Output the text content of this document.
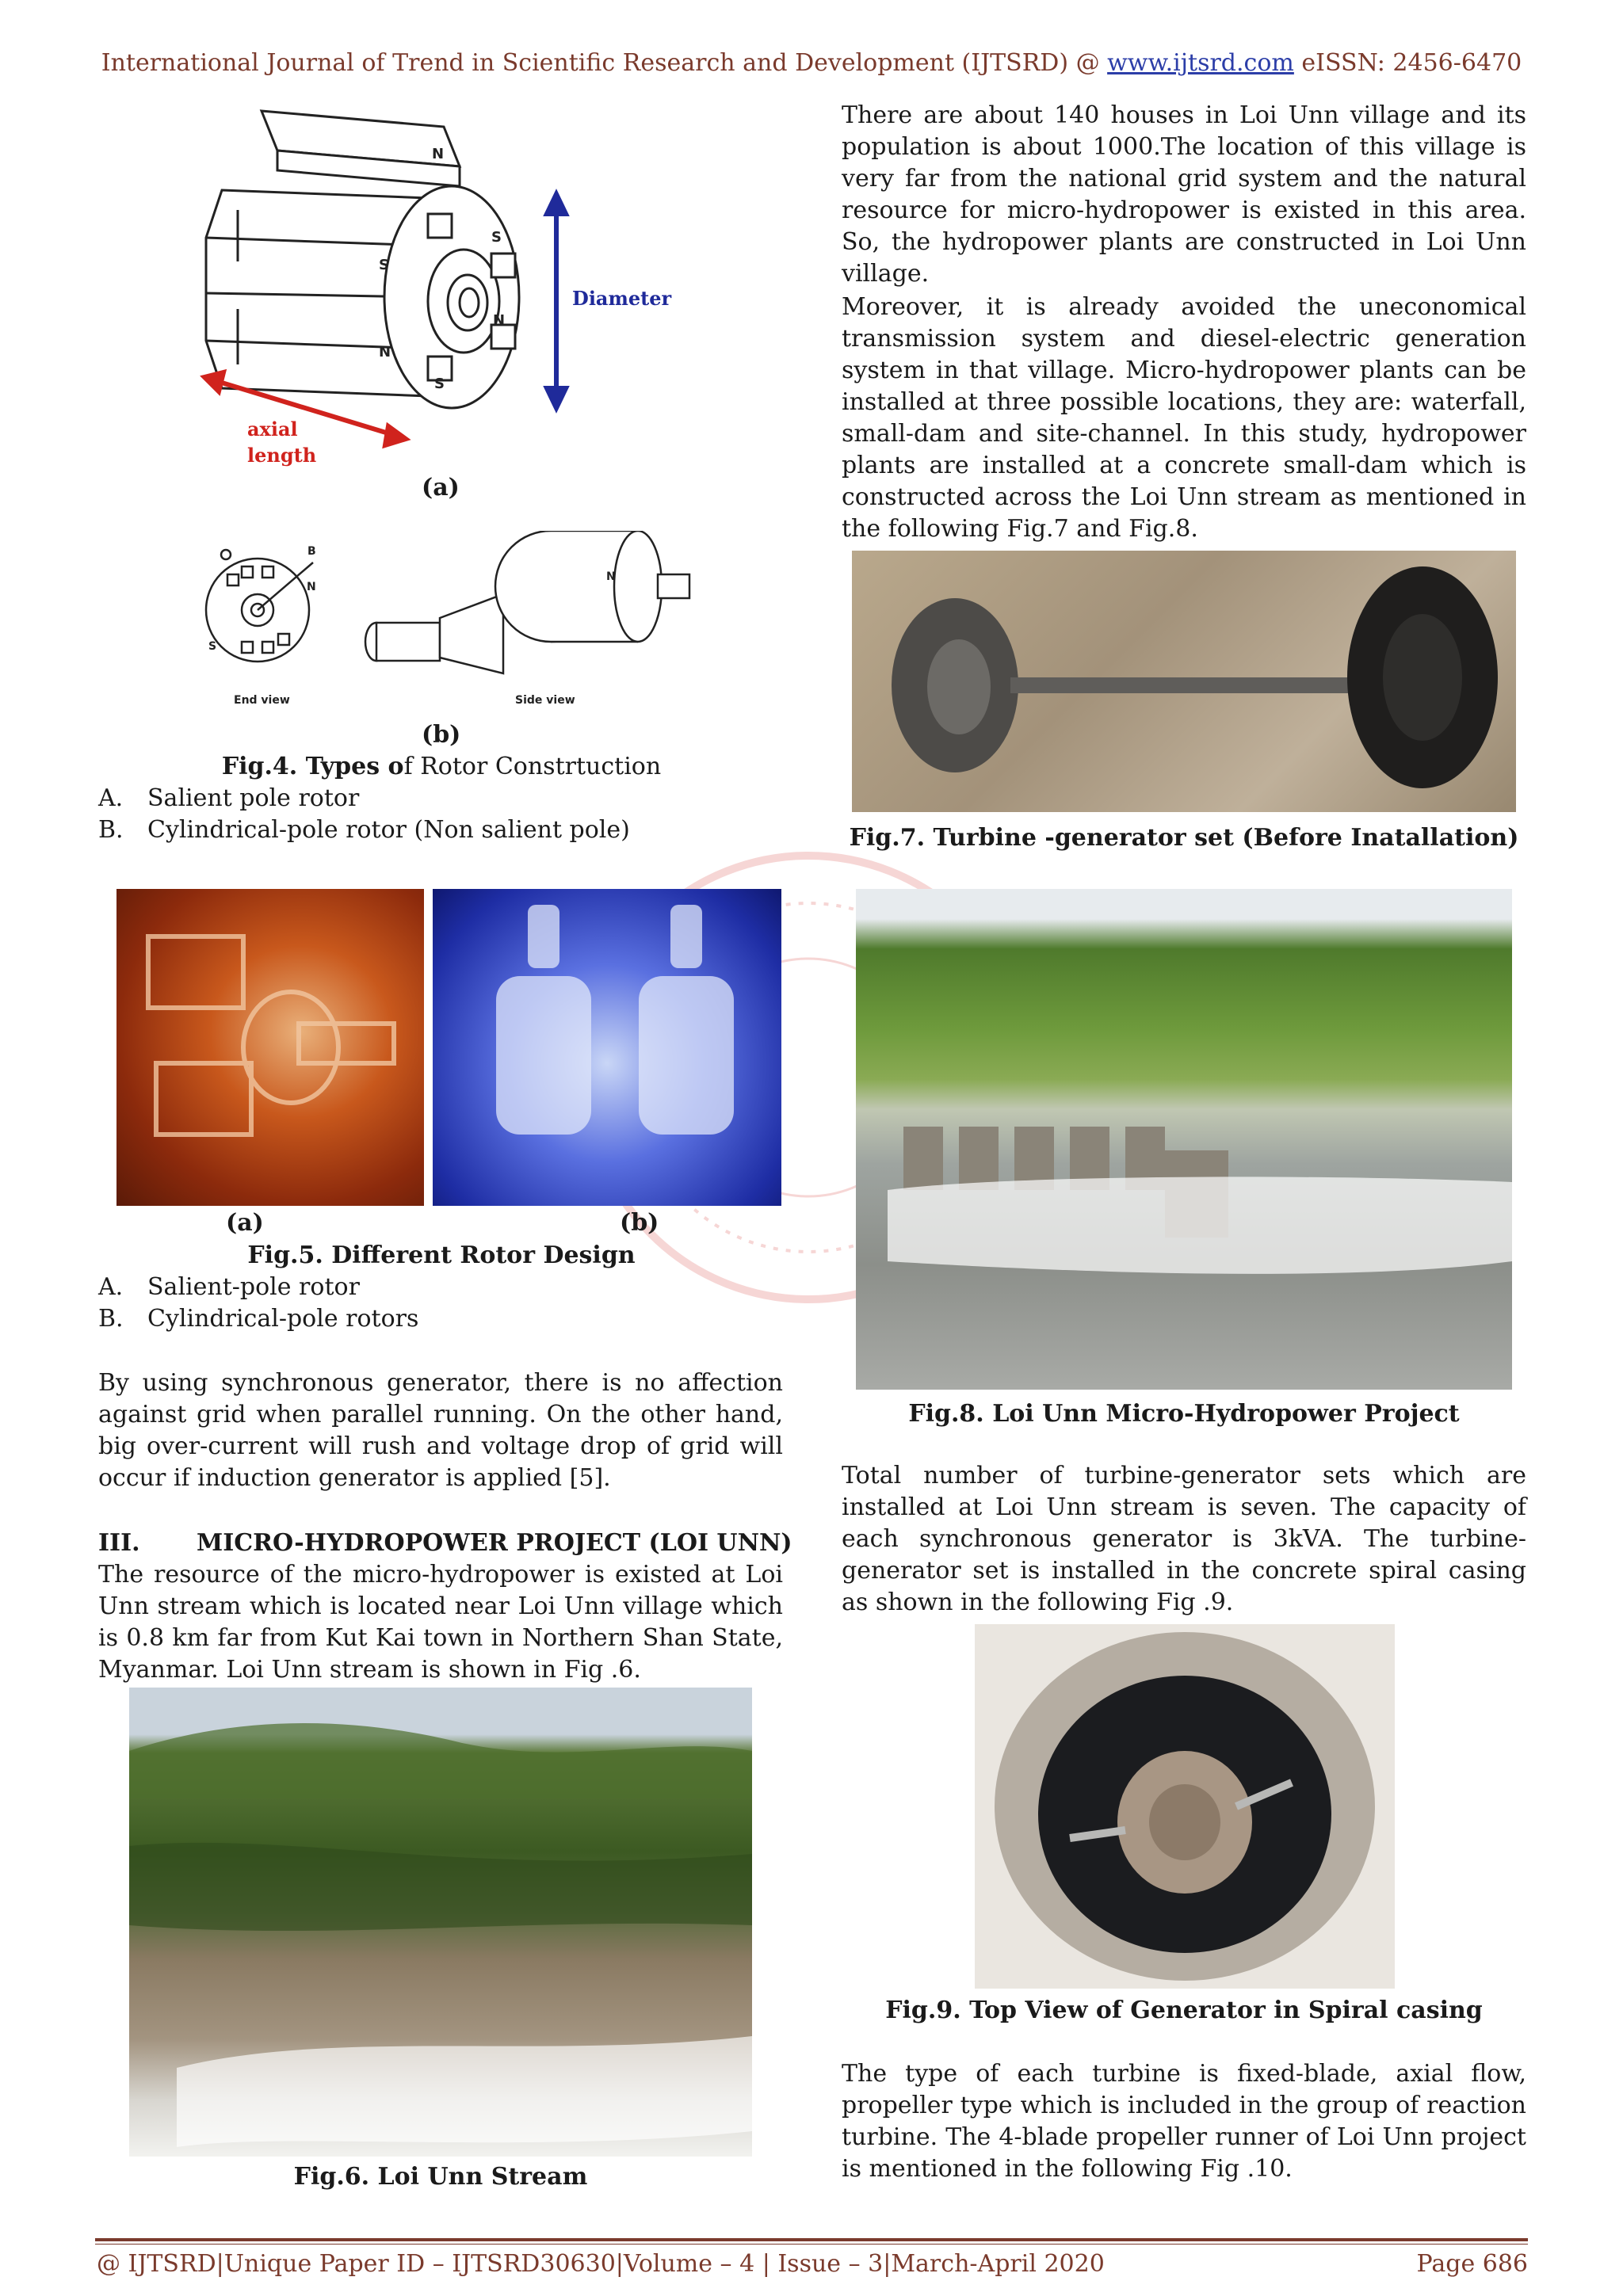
International Journal of Trend in Scientific Research and Development (IJTSRD) @ www.ijtsrd.com eISSN: 2456-6470
N
S
S
N
N
S
Diameter
axial
length
(a)
B
N
S
N
End view	Side view
(b)
Fig.4. Types of Rotor Constrtuction
A. Salient pole rotor
B. Cylindrical-pole rotor (Non salient pole)
(a)	(b)
Fig.5. Different Rotor Design
A. Salient-pole rotor
B. Cylindrical-pole rotors
By using synchronous generator, there is no affection against grid when parallel running. On the other hand, big over-current will rush and voltage drop of grid will occur if induction generator is applied [5].
III. MICRO-HYDROPOWER PROJECT (LOI UNN)
The resource of the micro-hydropower is existed at Loi Unn stream which is located near Loi Unn village which is 0.8 km far from Kut Kai town in Northern Shan State, Myanmar. Loi Unn stream is shown in Fig .6.
Fig.6. Loi Unn Stream
There are about 140 houses in Loi Unn village and its population is about 1000.The location of this village is very far from the national grid system and the natural resource for micro-hydropower is existed in this area. So, the hydropower plants are constructed in Loi Unn village.
Moreover, it is already avoided the uneconomical transmission system and diesel-electric generation system in that village. Micro-hydropower plants can be installed at three possible locations, they are: waterfall, small-dam and site-channel. In this study, hydropower plants are installed at a concrete small-dam which is constructed across the Loi Unn stream as mentioned in the following Fig.7 and Fig.8.
Fig.7. Turbine -generator set (Before Inatallation)
Fig.8. Loi Unn Micro-Hydropower Project
Total number of turbine-generator sets which are installed at Loi Unn stream is seven. The capacity of each synchronous generator is 3kVA. The turbine-generator set is installed in the concrete spiral casing as shown in the following Fig .9.
Fig.9. Top View of Generator in Spiral casing
The type of each turbine is fixed-blade, axial flow, propeller type which is included in the group of reaction turbine. The 4-blade propeller runner of Loi Unn project is mentioned in the following Fig .10.
@ IJTSRD | Unique Paper ID – IJTSRD30630 | Volume – 4 | Issue – 3 | March-April 2020	Page 686
